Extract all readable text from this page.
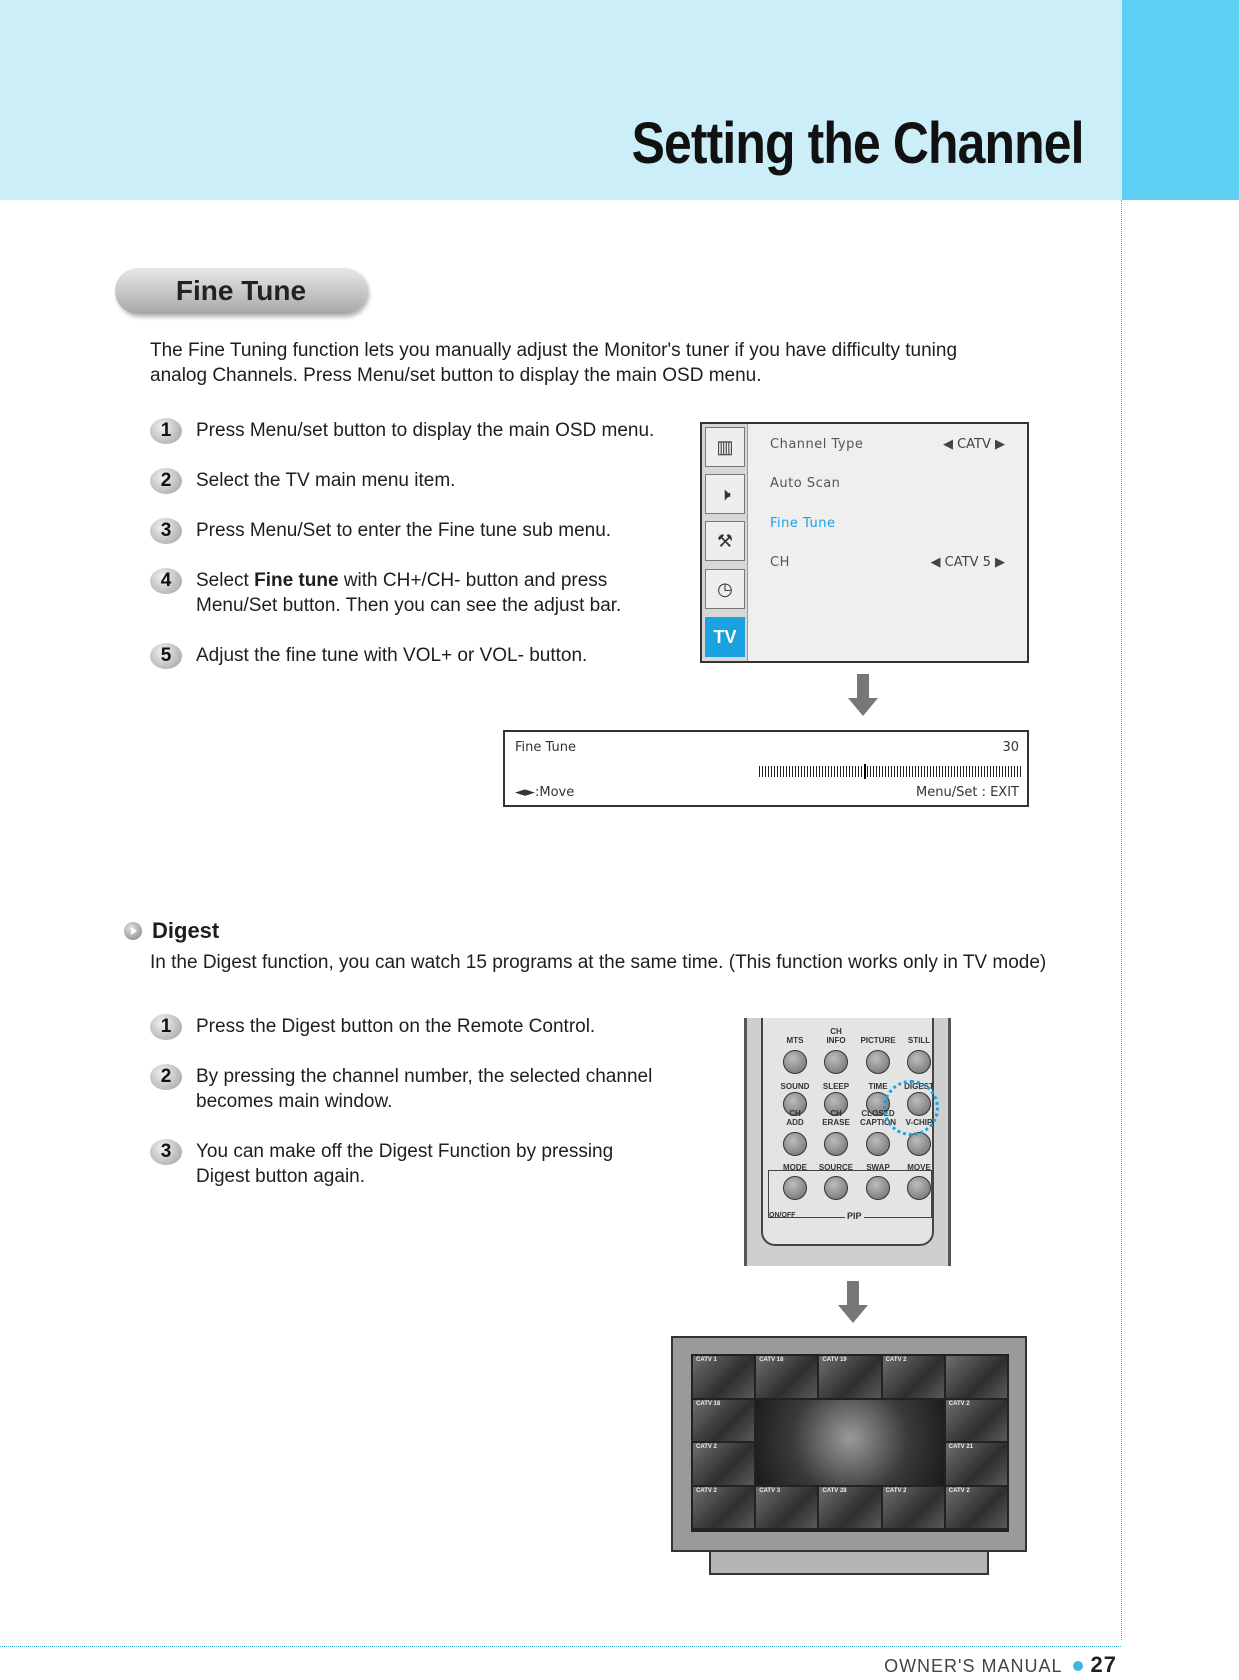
Setting the Channel
Fine Tune
The Fine Tuning function lets you manually adjust the Monitor's tuner if you have difficulty tuning analog Channels. Press Menu/set button to display the main OSD menu.
1	Press Menu/set button to display the main OSD menu.
2	Select the TV main menu item.
3	Press Menu/Set to enter the Fine tune sub menu.
4	Select Fine tune with CH+/CH- button and press
Menu/Set button. Then you can see the adjust bar.
5	Adjust the fine tune with VOL+ or VOL- button.
▥
🕨
⚒
◷
TV
Channel Type	◀ CATV ▶
Auto Scan
Fine Tune
CH	◀ CATV 5 ▶
Fine Tune	30
◄►:Move	Menu/Set : EXIT
Digest
In the Digest function, you can watch 15 programs at the same time. (This function works only in TV mode)
1	Press the Digest button on the Remote Control.
2	By pressing the channel number, the selected channel
becomes main window.
3	You can make off the Digest Function by pressing
Digest button again.
ON/OFF	PIP
MTS
CH
INFO	PICTURE	STILL
SOUND	SLEEP	TIME	DIGEST
CH
ADD
CH
ERASE
CLOSED
CAPTION	V-CHIP
MODE	SOURCE	SWAP	MOVE
CATV 1	CATV 18	CATV 19	CATV 2
CATV 18	CATV 2
CATV 2	CATV 21
CATV 2	CATV 3	CATV 28	CATV 2	CATV 2
OWNER'S MANUAL 27
